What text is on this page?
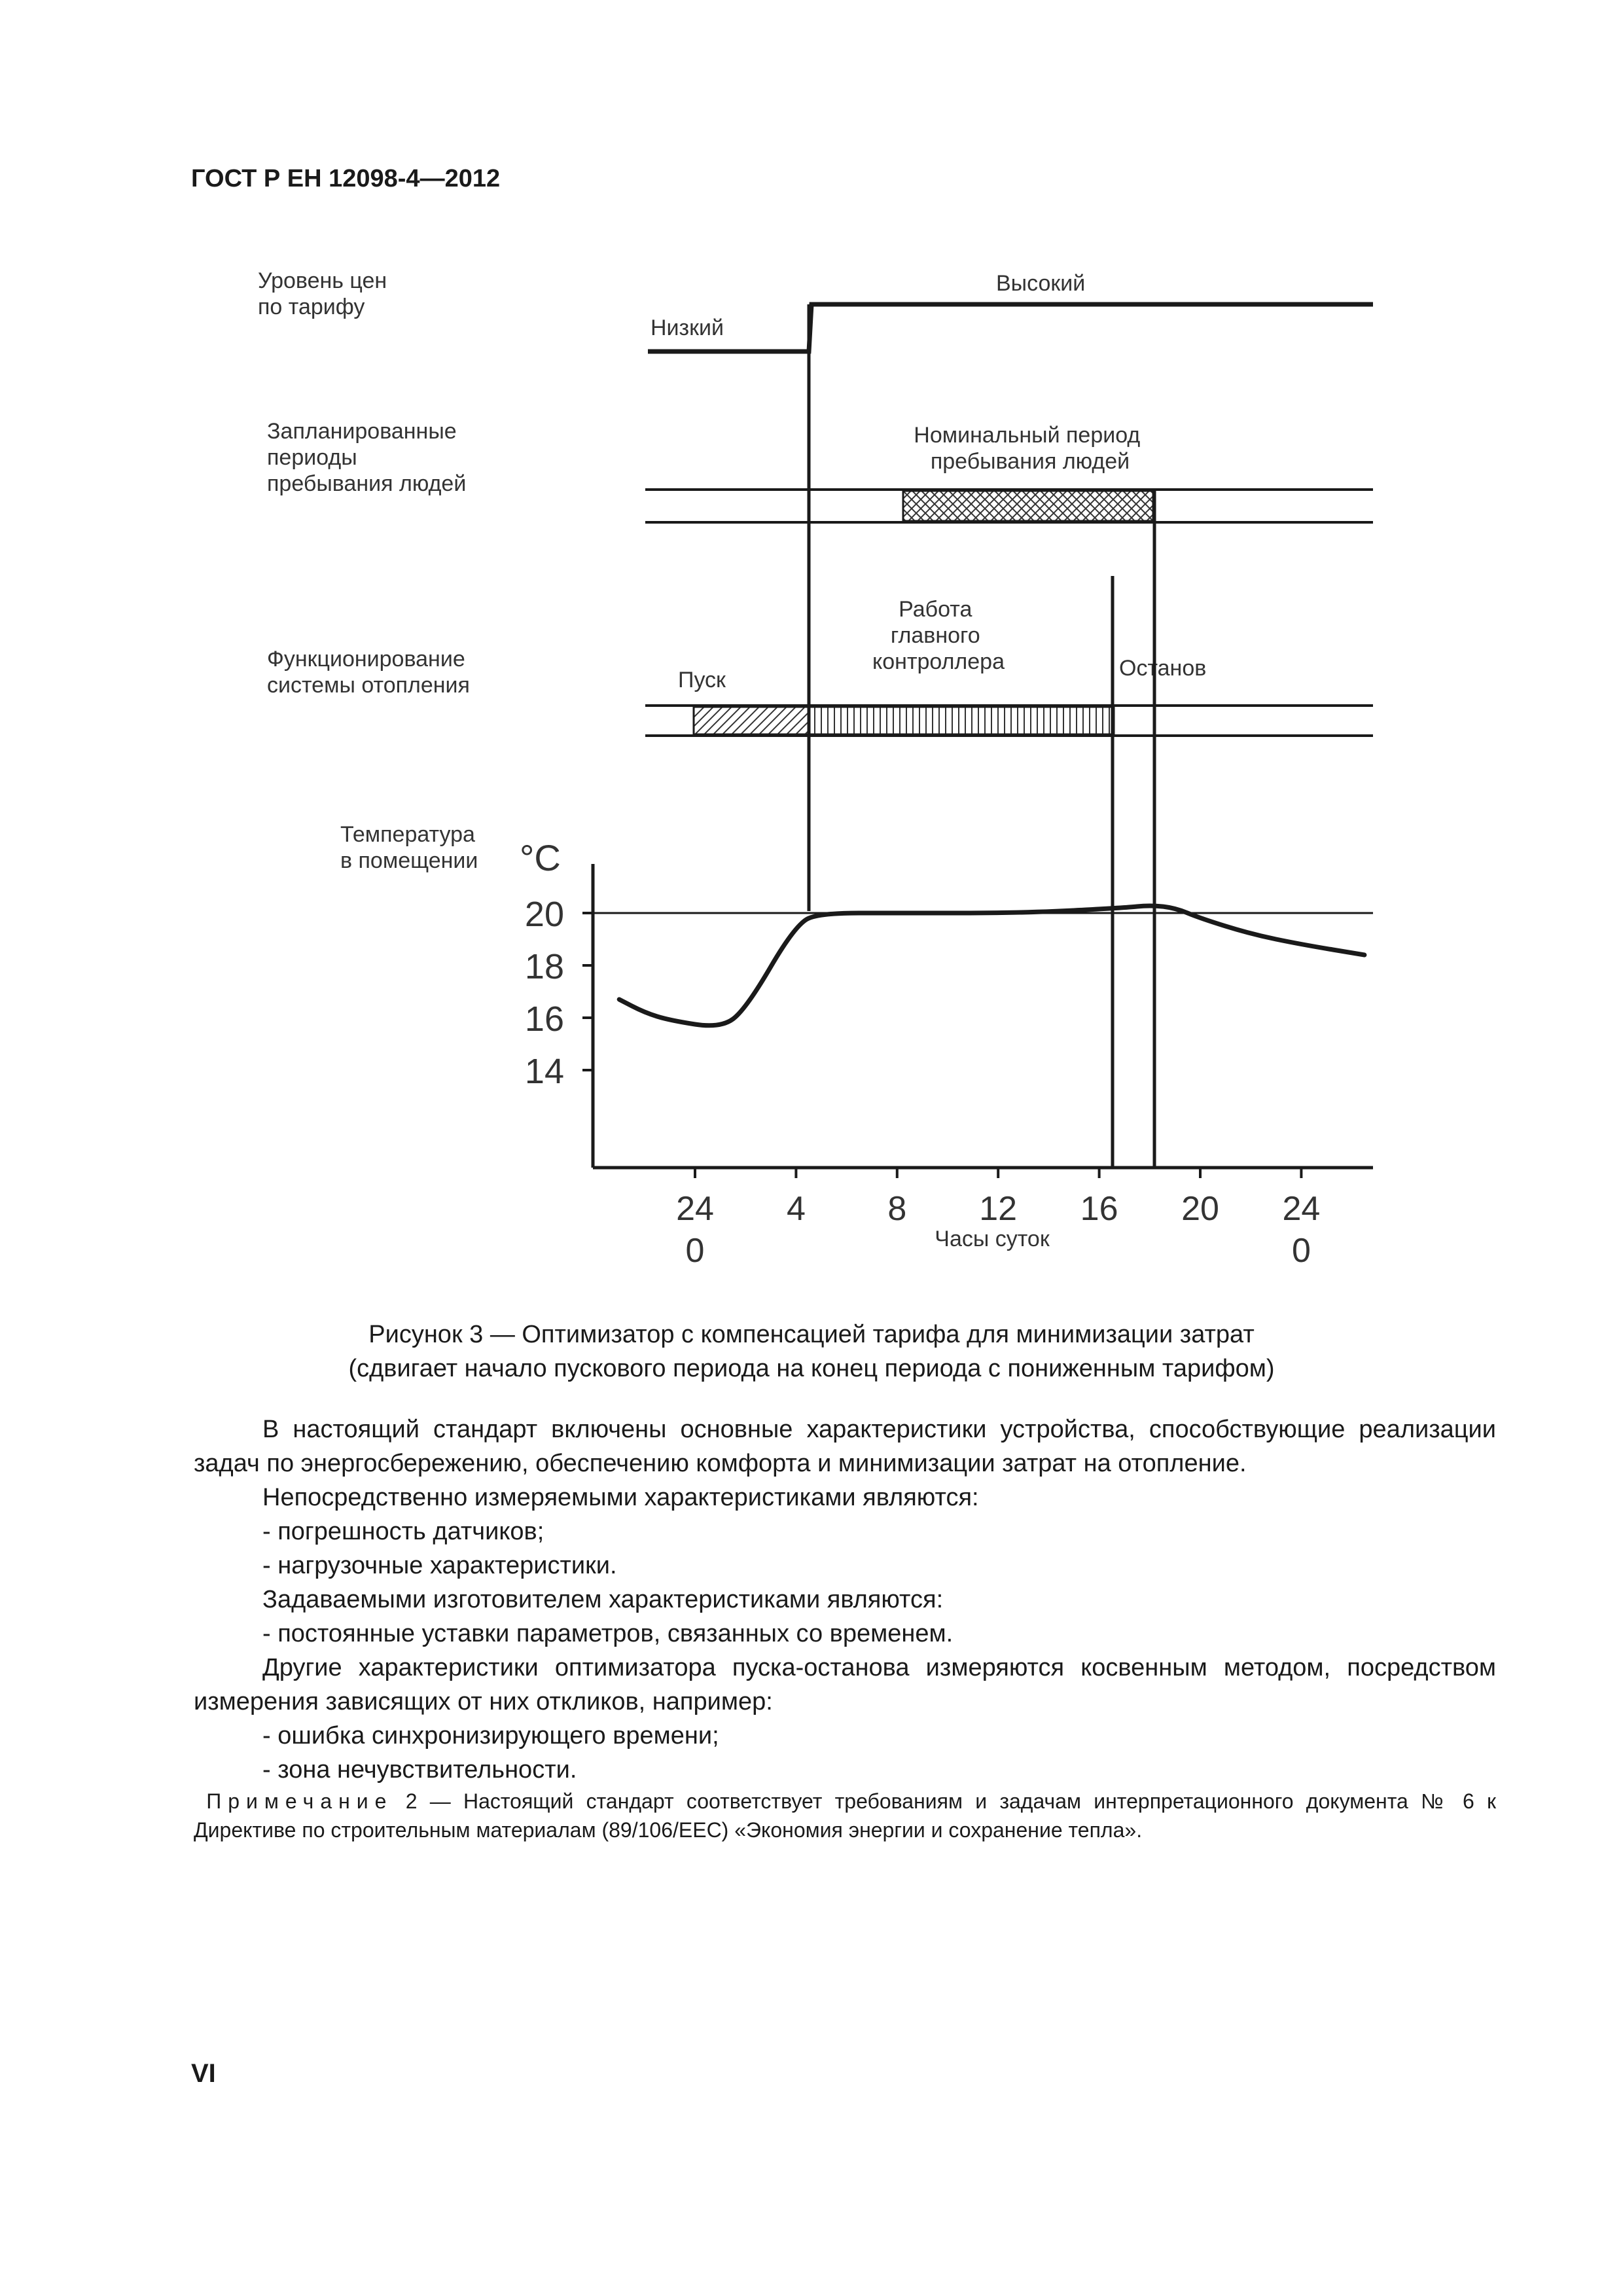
ГОСТ Р ЕН 12098-4—2012
Уровень цен по тарифу
Запланированные периоды пребывания людей
Функционирование системы отопления
Температура в помещении
Низкий
Высокий
Номинальный период пребывания людей
Пуск
Работа главного контроллера	Останов
°C
20
18
16
14
24
0
4 8 12 16 20 24
0
Часы суток
Рисунок 3 — Оптимизатор с компенсацией тарифа для минимизации затрат
(сдвигает начало пускового периода на конец периода с пониженным тарифом)

В настоящий стандарт включены основные характеристики устройства, способствующие реализации задач по энергосбережению, обеспечению комфорта и минимизации затрат на отопление.

Непосредственно измеряемыми характеристиками являются:

- погрешность датчиков;

- нагрузочные характеристики.

Задаваемыми изготовителем характеристиками являются:

- постоянные уставки параметров, связанных со временем.

Другие характеристики оптимизатора пуска-останова измеряются косвенным методом, посредством измерения зависящих от них откликов, например:

- ошибка синхронизирующего времени;

- зона нечувствительности.

Примечание 2 — Настоящий стандарт соответствует требованиям и задачам интерпретационного документа № 6 к Директиве по строительным материалам (89/106/EEC) «Экономия энергии и сохранение тепла».
VI
